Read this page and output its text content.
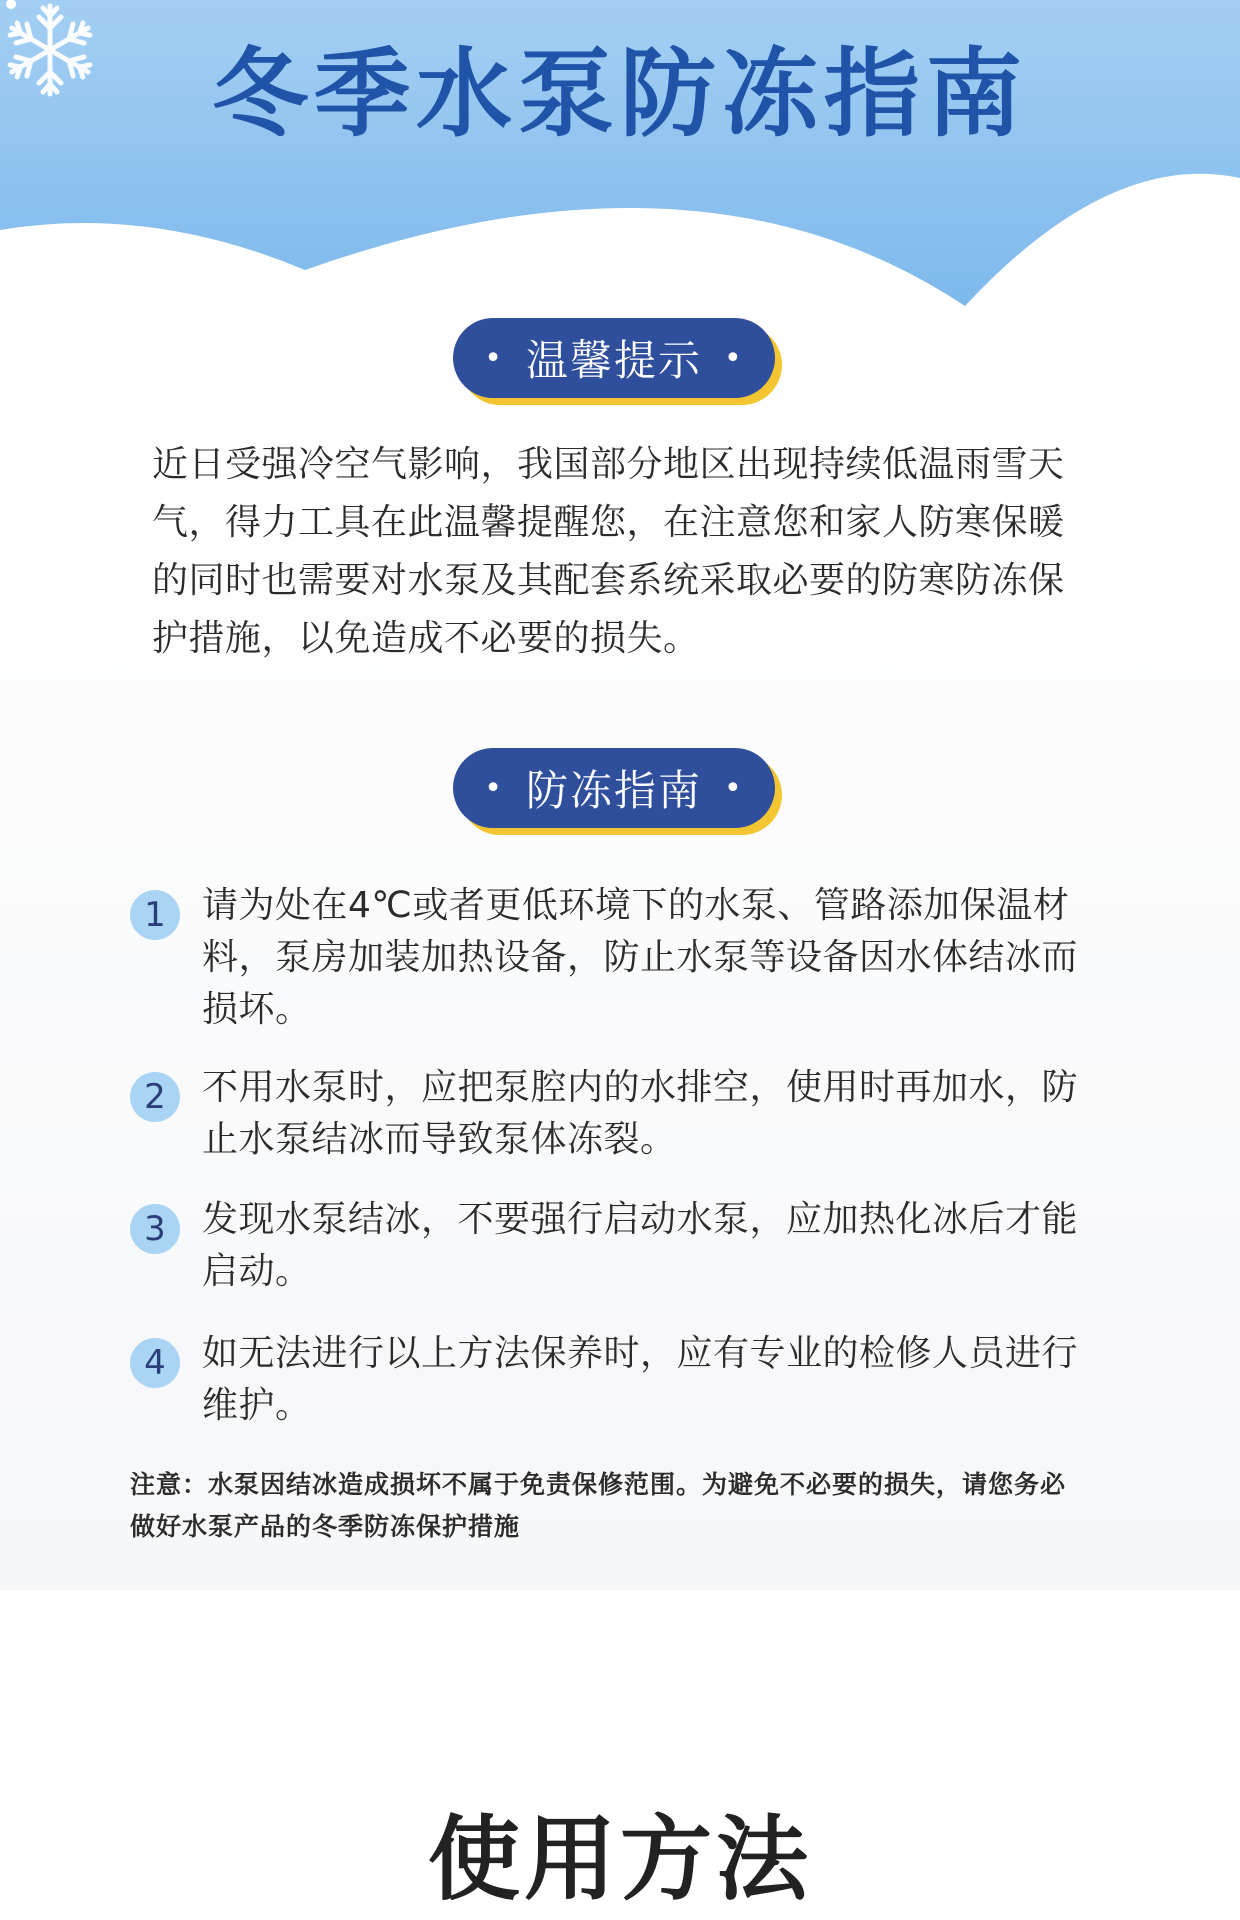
冬季水泵防冻指南
• 温馨提示 •
近日受强冷空气影响，我国部分地区出现持续低温雨雪天气，得力工具在此温馨提醒您，在注意您和家人防寒保暖的同时也需要对水泵及其配套系统采取必要的防寒防冻保护措施，以免造成不必要的损失。
• 防冻指南 •
1	请为处在4℃或者更低环境下的水泵、管路添加保温材料，泵房加装加热设备，防止水泵等设备因水体结冰而损坏。
2	不用水泵时，应把泵腔内的水排空，使用时再加水，防止水泵结冰而导致泵体冻裂。
3	发现水泵结冰，不要强行启动水泵，应加热化冰后才能启动。
4	如无法进行以上方法保养时，应有专业的检修人员进行维护。
注意：水泵因结冰造成损坏不属于免责保修范围。为避免不必要的损失，请您务必做好水泵产品的冬季防冻保护措施
使用方法
